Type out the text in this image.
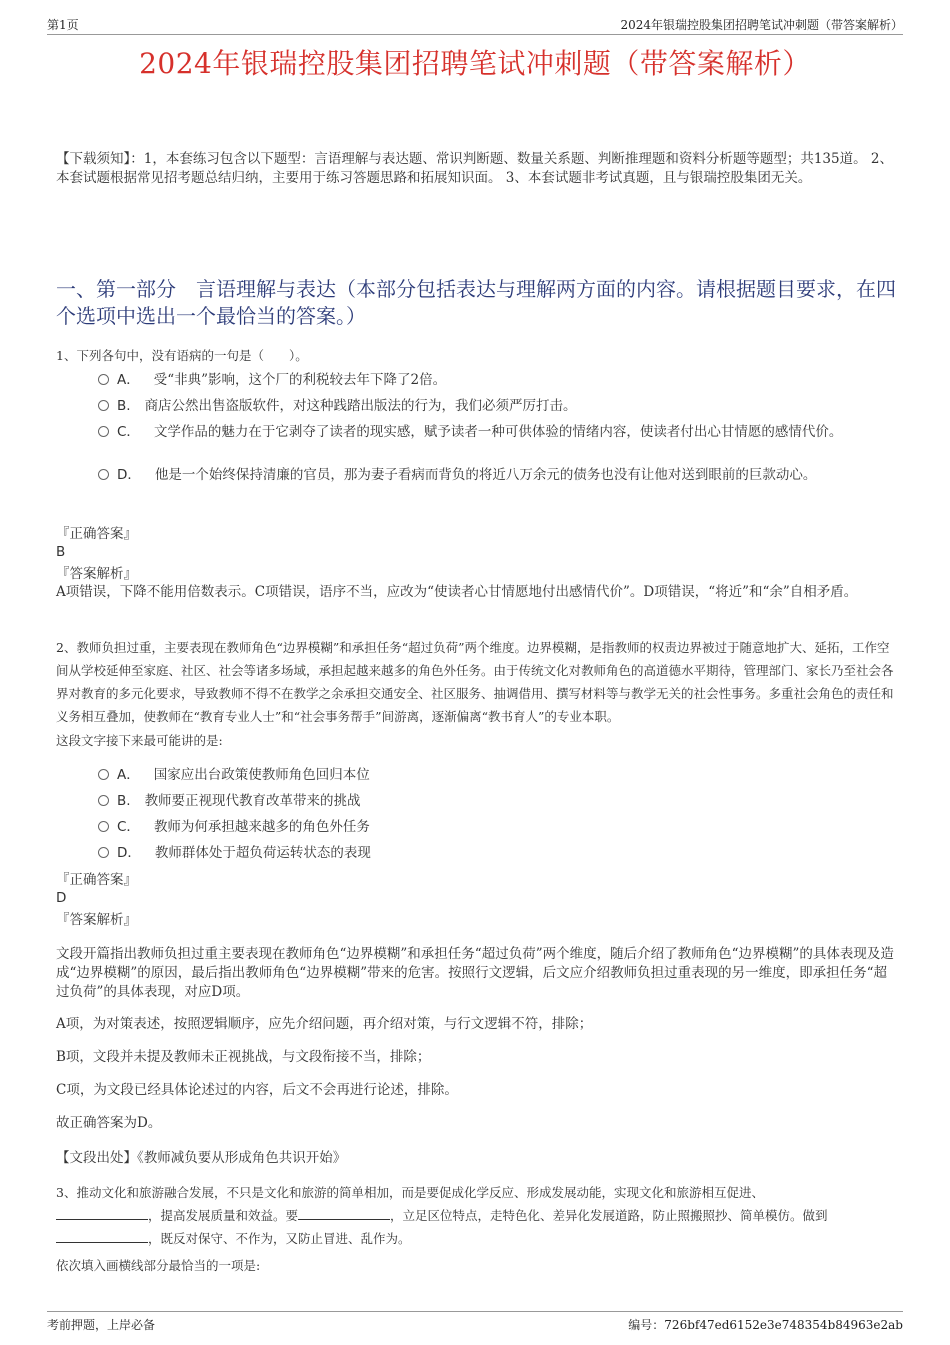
第1页	2024年银瑞控股集团招聘笔试冲刺题（带答案解析）
2024年银瑞控股集团招聘笔试冲刺题（带答案解析）
【下载须知】：1，本套练习包含以下题型：言语理解与表达题、常识判断题、数量关系题、判断推理题和资料分析题等题型；共135道。 2、本套试题根据常见招考题总结归纳，主要用于练习答题思路和拓展知识面。 3、本套试题非考试真题，且与银瑞控股集团无关。
一、第一部分　言语理解与表达（本部分包括表达与理解两方面的内容。请根据题目要求，在四个选项中选出一个最恰当的答案。）
1、下列各句中，没有语病的一句是（　　）。
A． 受“非典”影响，这个厂的利税较去年下降了2倍。
B. 商店公然出售盗版软件，对这种践踏出版法的行为，我们必须严厉打击。
C． 文学作品的魅力在于它剥夺了读者的现实感，赋予读者一种可供体验的情绪内容，使读者付出心甘情愿的感情代价。
D． 他是一个始终保持清廉的官员，那为妻子看病而背负的将近八万余元的债务也没有让他对送到眼前的巨款动心。
『正确答案』
B
『答案解析』
A项错误，下降不能用倍数表示。C项错误，语序不当，应改为“使读者心甘情愿地付出感情代价”。D项错误，“将近”和“余”自相矛盾。
2、教师负担过重，主要表现在教师角色“边界模糊”和承担任务“超过负荷”两个维度。边界模糊，是指教师的权责边界被过于随意地扩大、延拓，工作空间从学校延伸至家庭、社区、社会等诸多场域，承担起越来越多的角色外任务。由于传统文化对教师角色的高道德水平期待，管理部门、家长乃至社会各界对教育的多元化要求，导致教师不得不在教学之余承担交通安全、社区服务、抽调借用、撰写材料等与教学无关的社会性事务。多重社会角色的责任和义务相互叠加，使教师在“教育专业人士”和“社会事务帮手”间游离，逐渐偏离“教书育人”的专业本职。
这段文字接下来最可能讲的是:
A． 国家应出台政策使教师角色回归本位
B. 教师要正视现代教育改革带来的挑战
C． 教师为何承担越来越多的角色外任务
D． 教师群体处于超负荷运转状态的表现
『正确答案』
D
『答案解析』
文段开篇指出教师负担过重主要表现在教师角色“边界模糊”和承担任务“超过负荷”两个维度，随后介绍了教师角色“边界模糊”的具体表现及造成“边界模糊”的原因，最后指出教师角色“边界模糊”带来的危害。按照行文逻辑，后文应介绍教师负担过重表现的另一维度，即承担任务“超过负荷”的具体表现，对应D项。
A项，为对策表述，按照逻辑顺序，应先介绍问题，再介绍对策，与行文逻辑不符，排除；
B项，文段并未提及教师未正视挑战，与文段衔接不当，排除；
C项，为文段已经具体论述过的内容，后文不会再进行论述，排除。
故正确答案为D。
【文段出处】《教师减负要从形成角色共识开始》
3、推动文化和旅游融合发展，不只是文化和旅游的简单相加，而是要促成化学反应、形成发展动能，实现文化和旅游相互促进、
，提高发展质量和效益。要	，立足区位特点，走特色化、差异化发展道路，防止照搬照抄、简单模仿。做到
，既反对保守、不作为，又防止冒进、乱作为。
依次填入画横线部分最恰当的一项是:
考前押题，上岸必备	编号：726bf47ed6152e3e748354b84963e2ab
